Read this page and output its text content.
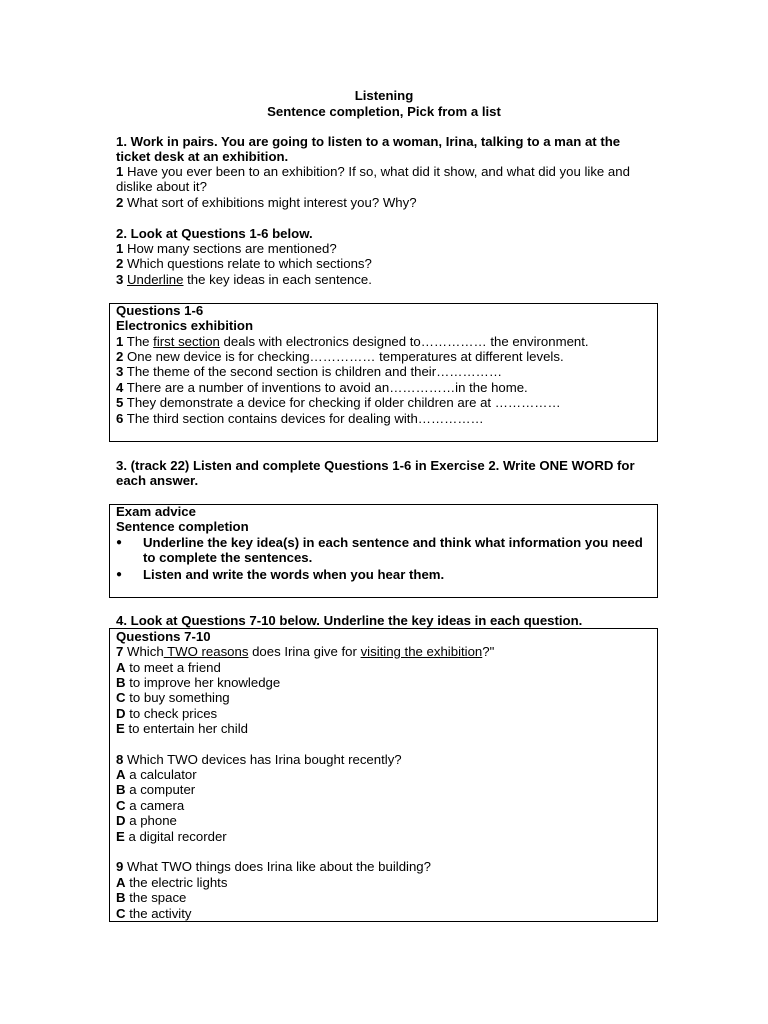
Listening
Sentence completion, Pick from a list
1. Work in pairs. You are going to listen to a woman, Irina, talking to a man at the ticket desk at an exhibition.
1 Have you ever been to an exhibition? If so, what did it show, and what did you like and dislike about it?
2 What sort of exhibitions might interest you? Why?
2. Look at Questions 1-6 below.
1 How many sections are mentioned?
2 Which questions relate to which sections?
3 Underline the key ideas in each sentence.
Questions 1-6
Electronics exhibition
1 The first section deals with electronics designed to…………… the environment.
2 One new device is for checking…………… temperatures at different levels.
3 The theme of the second section is children and their……………
4 There are a number of inventions to avoid an……………in the home.
5 They demonstrate a device for checking if older children are at ……………
6 The third section contains devices for dealing with……………
3. (track 22) Listen and complete Questions 1-6 in Exercise 2. Write ONE WORD for each answer.
Exam advice
Sentence completion
● Underline the key idea(s) in each sentence and think what information you need to complete the sentences.
● Listen and write the words when you hear them.
4. Look at Questions 7-10 below. Underline the key ideas in each question.
Questions 7-10
7 Which TWO reasons does Irina give for visiting the exhibition?"
A to meet a friend
B to improve her knowledge
C to buy something
D to check prices
E to entertain her child
8 Which TWO devices has Irina bought recently?
A a calculator
B a computer
C a camera
D a phone
E a digital recorder
9 What TWO things does Irina like about the building?
A the electric lights
B the space
C the activity
